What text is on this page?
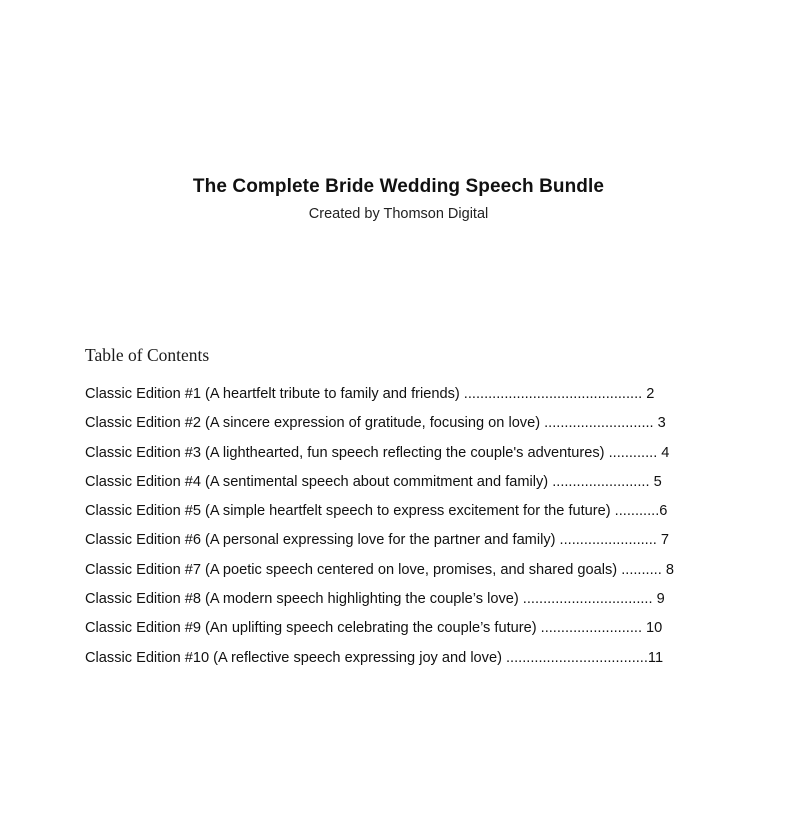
The Complete Bride Wedding Speech Bundle
Created by Thomson Digital
Table of Contents
Classic Edition #1 (A heartfelt tribute to family and friends) ............................................ 2
Classic Edition #2 (A sincere expression of gratitude, focusing on love) ........................... 3
Classic Edition #3 (A lighthearted, fun speech reflecting the couple's adventures) ............ 4
Classic Edition #4 (A sentimental speech about commitment and family) ........................ 5
Classic Edition #5 (A simple heartfelt speech to express excitement for the future) ...........6
Classic Edition #6 (A personal expressing love for the partner and family) ........................ 7
Classic Edition #7 (A poetic speech centered on love, promises, and shared goals) .......... 8
Classic Edition #8 (A modern speech highlighting the couple’s love) ................................ 9
Classic Edition #9 (An uplifting speech celebrating the couple’s future) ......................... 10
Classic Edition #10 (A reflective speech expressing joy and love) ...................................11
